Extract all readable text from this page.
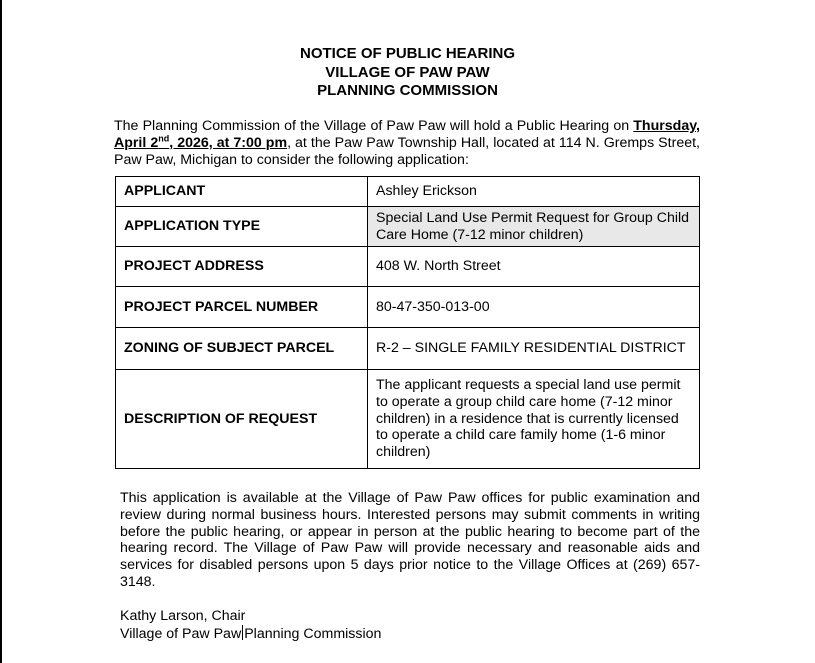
NOTICE OF PUBLIC HEARING
VILLAGE OF PAW PAW
PLANNING COMMISSION
The Planning Commission of the Village of Paw Paw will hold a Public Hearing on Thursday, April 2nd, 2026, at 7:00 pm, at the Paw Paw Township Hall, located at 114 N. Gremps Street, Paw Paw, Michigan to consider the following application:
APPLICANT	Ashley Erickson
APPLICATION TYPE	Special Land Use Permit Request for Group Child Care Home (7-12 minor children)
PROJECT ADDRESS	408 W. North Street
PROJECT PARCEL NUMBER	80-47-350-013-00
ZONING OF SUBJECT PARCEL	R-2 – SINGLE FAMILY RESIDENTIAL DISTRICT
DESCRIPTION OF REQUEST	The applicant requests a special land use permit to operate a group child care home (7-12 minor children) in a residence that is currently licensed to operate a child care family home (1-6 minor children)
This application is available at the Village of Paw Paw offices for public examination and review during normal business hours. Interested persons may submit comments in writing before the public hearing, or appear in person at the public hearing to become part of the hearing record. The Village of Paw Paw will provide necessary and reasonable aids and services for disabled persons upon 5 days prior notice to the Village Offices at (269) 657-3148.
Kathy Larson, Chair
Village of Paw Paw Planning Commission
